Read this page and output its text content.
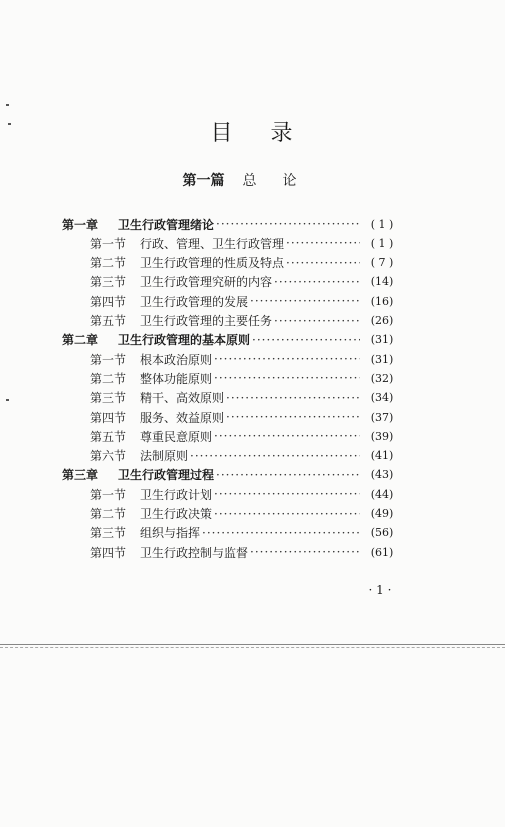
目 录
第一篇 总论
第一章	卫生行政管理绪论 ·····	( 1 )
第一节	行政、管理、卫生行政管理 ·····	( 1 )
第二节	卫生行政管理的性质及特点 ·····	( 7 )
第三节	卫生行政管理究研的内容 ·····	(14)
第四节	卫生行政管理的发展 ·····	(16)
第五节	卫生行政管理的主要任务 ·····	(26)
第二章	卫生行政管理的基本原则 ·····	(31)
第一节	根本政治原则 ·····	(31)
第二节	整体功能原则 ·····	(32)
第三节	精干、高效原则 ·····	(34)
第四节	服务、效益原则 ·····	(37)
第五节	尊重民意原则 ·····	(39)
第六节	法制原则 ·····	(41)
第三章	卫生行政管理过程 ·····	(43)
第一节	卫生行政计划 ·····	(44)
第二节	卫生行政决策 ·····	(49)
第三节	组织与指挥 ·····	(56)
第四节	卫生行政控制与监督 ·····	(61)
· 1 ·
